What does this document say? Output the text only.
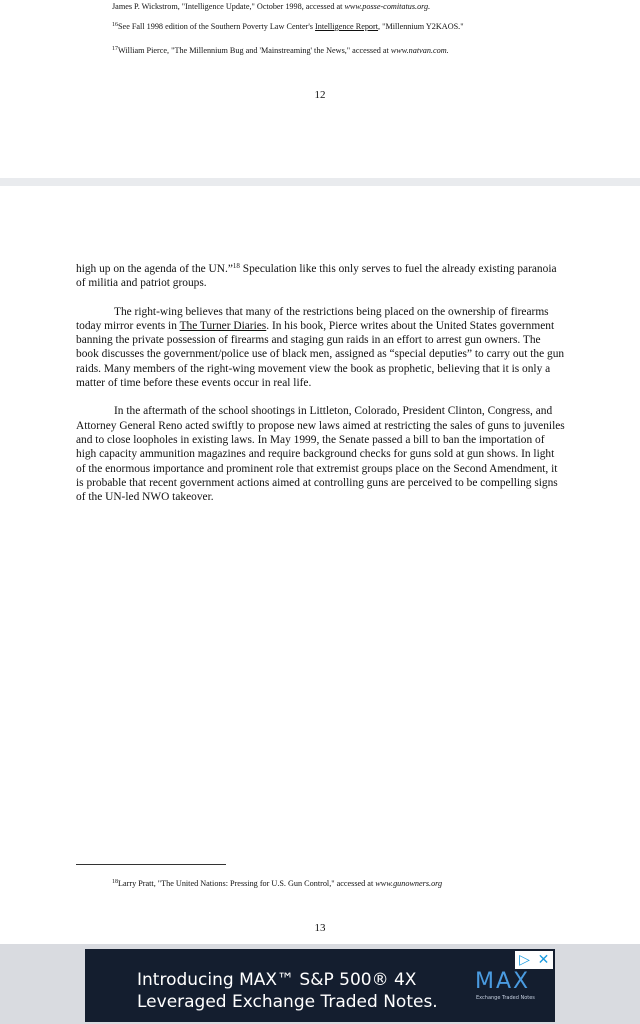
James P. Wickstrom, "Intelligence Update," October 1998, accessed at www.posse-comitatus.org.
$^{16}$See Fall 1998 edition of the Southern Poverty Law Center's Intelligence Report, "Millennium Y2KAOS."
$^{17}$William Pierce, "The Millennium Bug and 'Mainstreaming' the News," accessed at www.natvan.com.
12

high up on the agenda of the UN.”$^{18}$ Speculation like this only serves to fuel the already existing paranoia of militia and patriot groups.

The right-wing believes that many of the restrictions being placed on the ownership of firearms today mirror events in The Turner Diaries. In his book, Pierce writes about the United States government banning the private possession of firearms and staging gun raids in an effort to arrest gun owners. The book discusses the government/police use of black men, assigned as “special deputies” to carry out the gun raids. Many members of the right-wing movement view the book as prophetic, believing that it is only a matter of time before these events occur in real life.

In the aftermath of the school shootings in Littleton, Colorado, President Clinton, Congress, and Attorney General Reno acted swiftly to propose new laws aimed at restricting the sales of guns to juveniles and to close loopholes in existing laws. In May 1999, the Senate passed a bill to ban the importation of high capacity ammunition magazines and require background checks for guns sold at gun shows. In light of the enormous importance and prominent role that extremist groups place on the Second Amendment, it is probable that recent government actions aimed at controlling guns are perceived to be compelling signs of the UN-led NWO takeover.

$^{18}$Larry Pratt, "The United Nations: Pressing for U.S. Gun Control," accessed at www.gunowners.org
13
Introducing MAX™ S&P 500® 4X
Leveraged Exchange Traded Notes.
MAX
Exchange Traded Notes
▷ ✕
